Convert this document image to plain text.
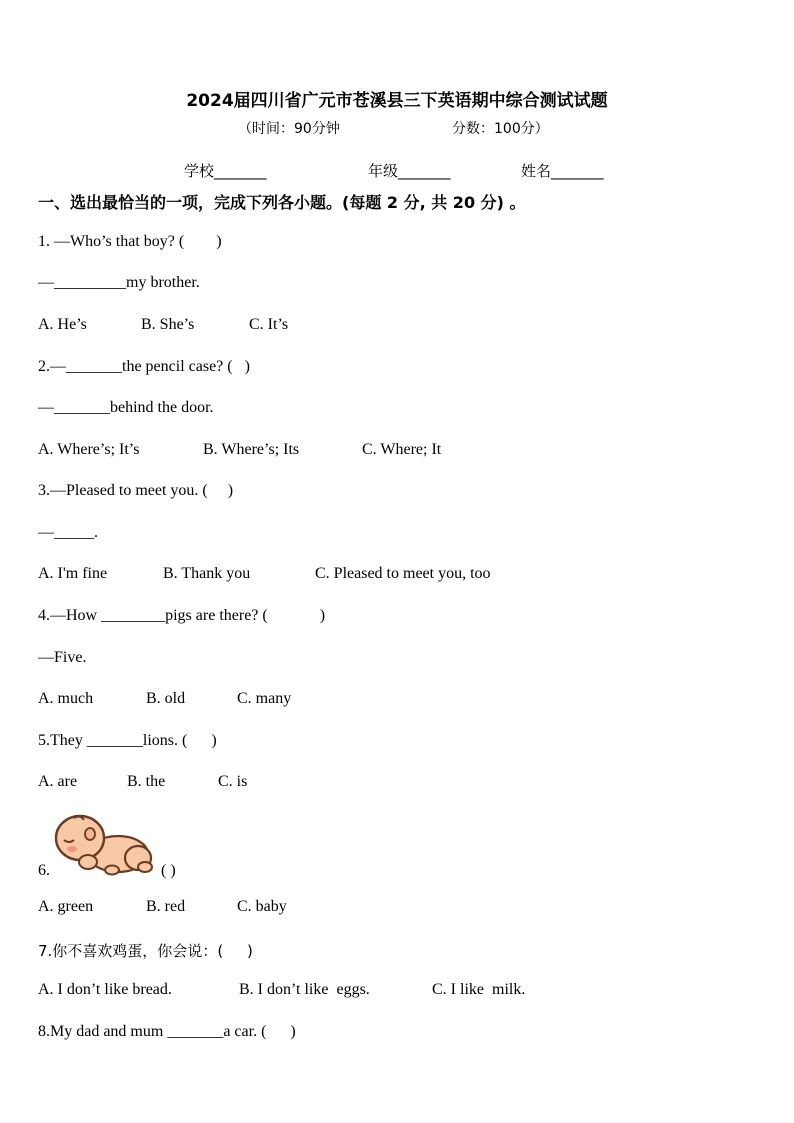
2024届四川省广元市苍溪县三下英语期中综合测试试题
（时间：90分钟	分数：100分）
学校_______	年级_______	姓名_______
一、选出最恰当的一项，完成下列各小题。(每题 2 分, 共 20 分) 。
1. —Who’s that boy? (        )
—_________my brother.
A. He’s	B. She’s	C. It’s
2.—_______the pencil case? (   )
—_______behind the door.
A. Where’s; It’s	B. Where’s; Its	C. Where; It
3.—Pleased to meet you. (     )
—_____.
A. I'm fine	B. Thank you	C. Pleased to meet you, too
4.—How ________pigs are there? (             )
—Five.
A. much	B. old	C. many
5.They _______lions. (      )
A. are	B. the	C. is
6.	( )
A. green	B. red	C. baby
7.你不喜欢鸡蛋，你会说：(     )
A. I don’t like bread.	B. I don’t like  eggs.	C. I like  milk.
8.My dad and mum _______a car. (      )
